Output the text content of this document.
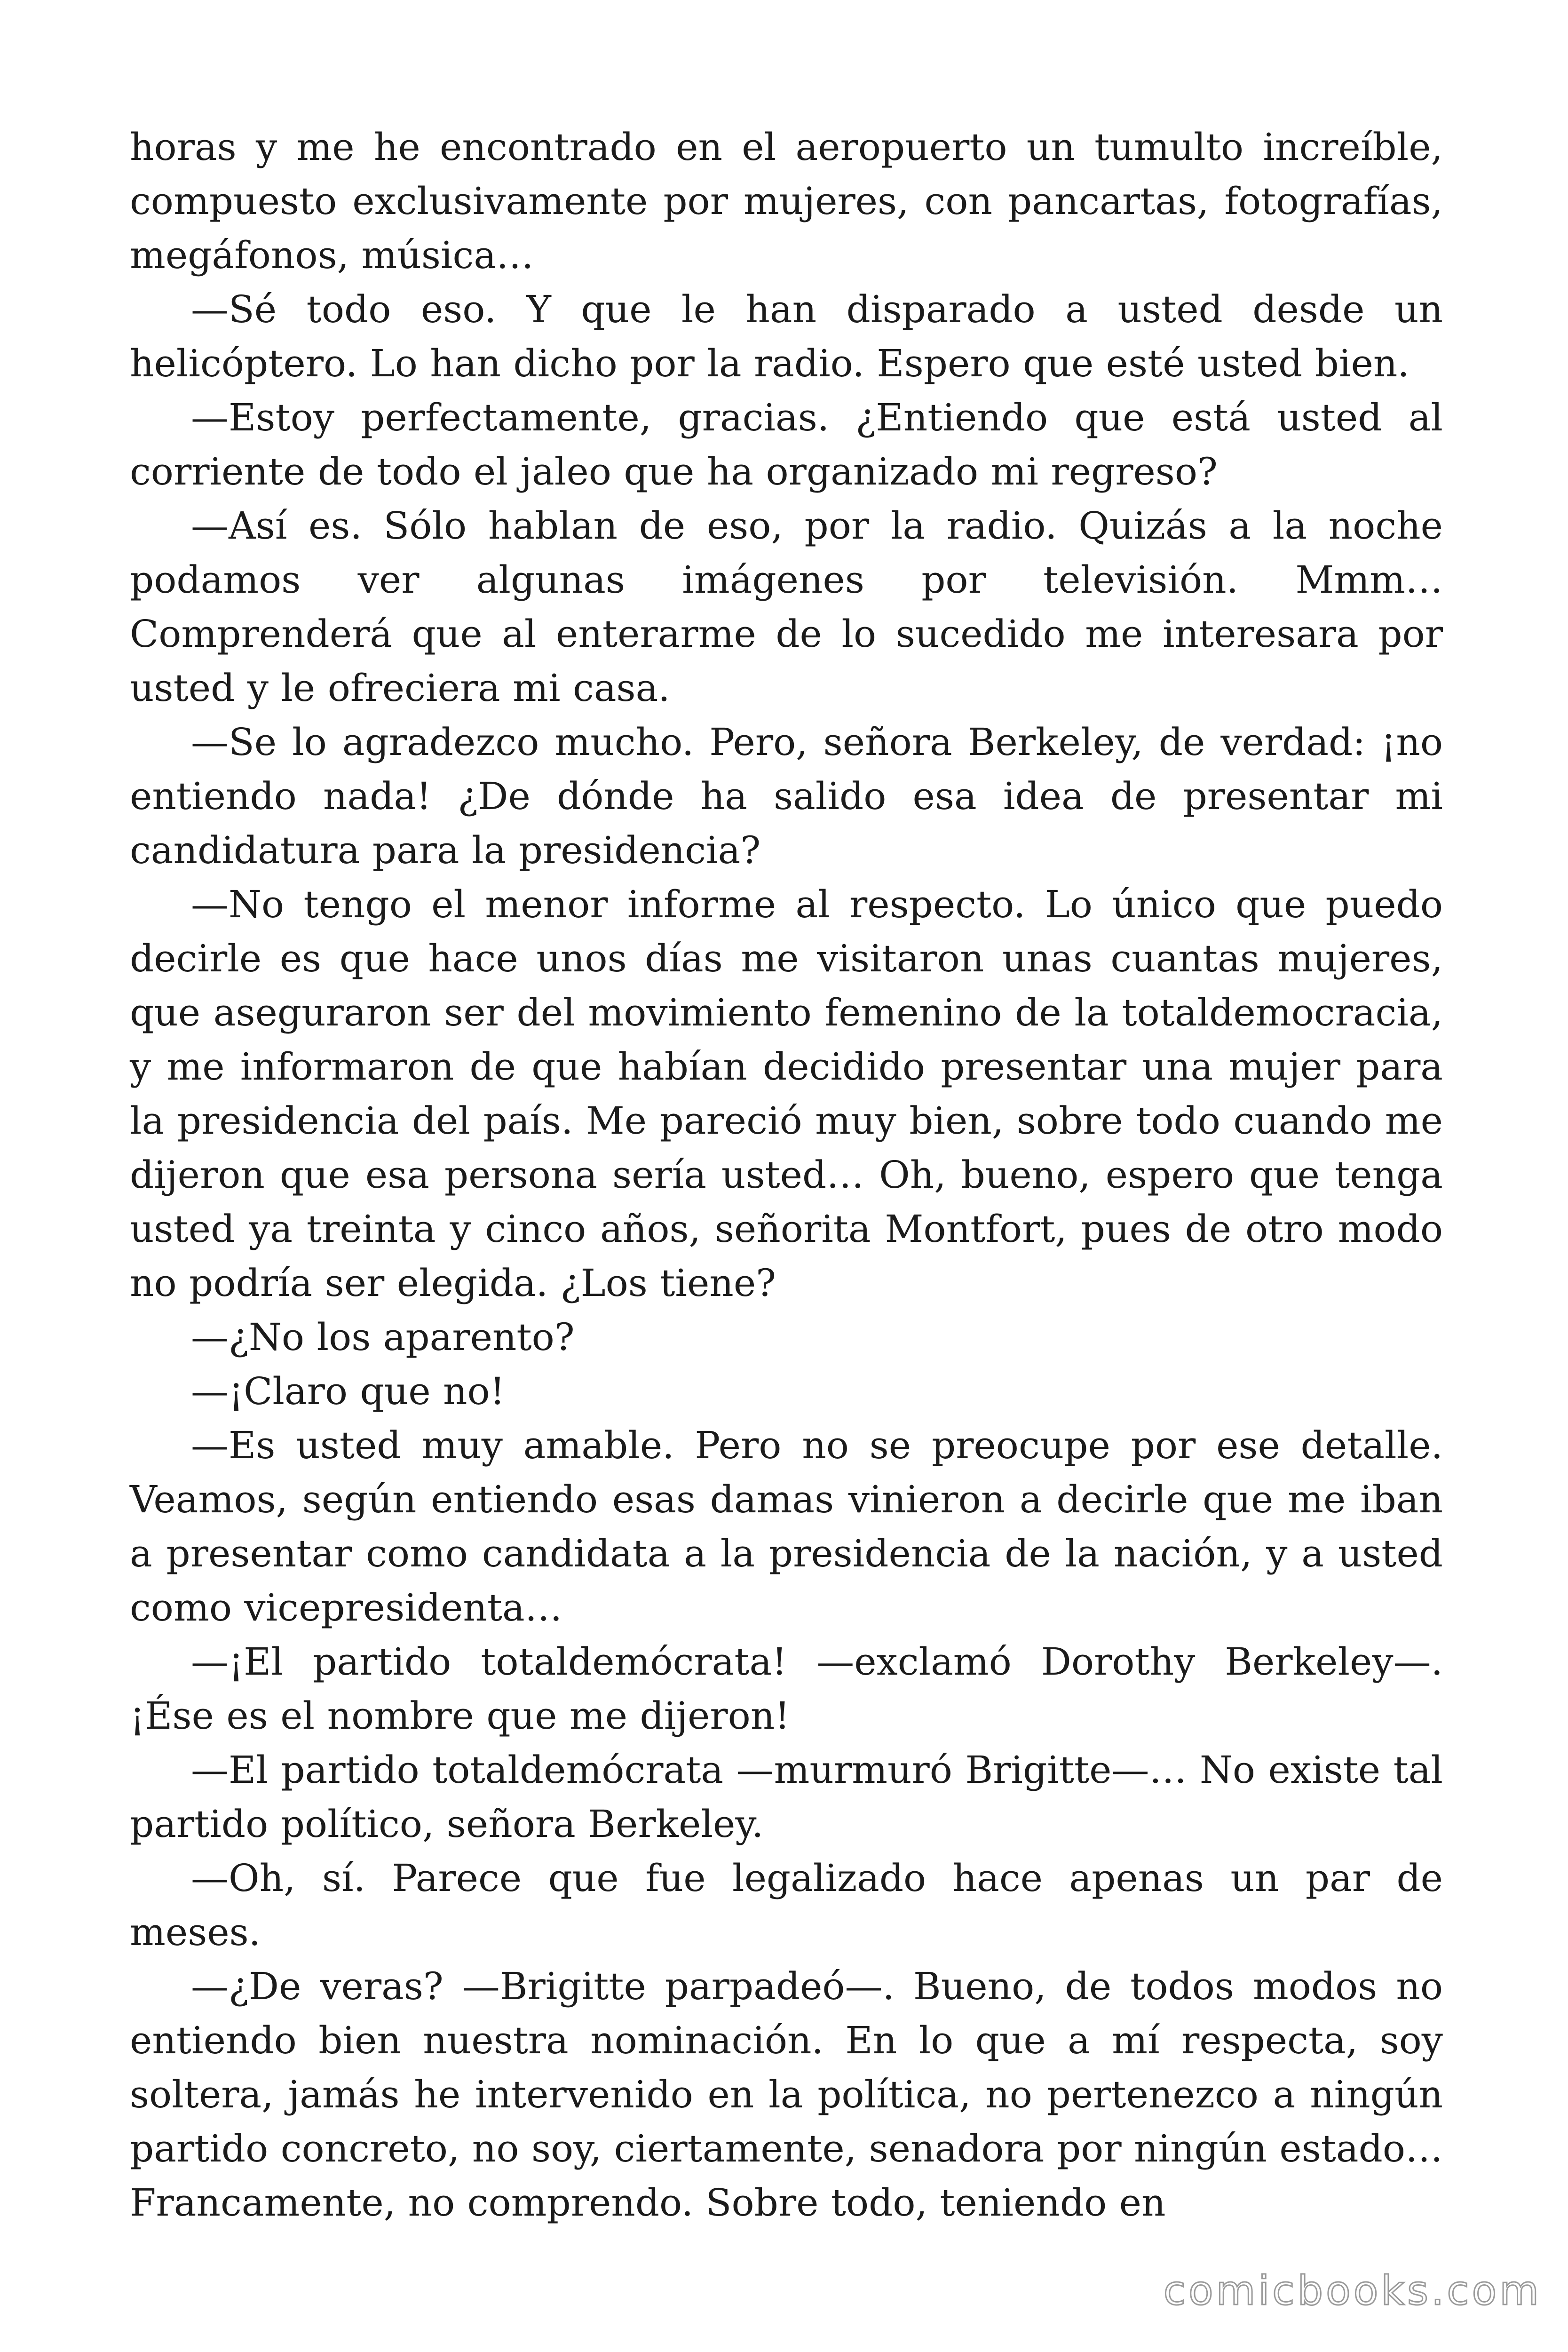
horas y me he encontrado en el aeropuerto un tumulto increíble, compuesto exclusivamente por mujeres, con pancartas, fotografías, megáfonos, música…

—Sé todo eso. Y que le han disparado a usted desde un helicóptero. Lo han dicho por la radio. Espero que esté usted bien.

—Estoy perfectamente, gracias. ¿Entiendo que está usted al corriente de todo el jaleo que ha organizado mi regreso?

—Así es. Sólo hablan de eso, por la radio. Quizás a la noche podamos ver algunas imágenes por televisión. Mmm… Comprenderá que al enterarme de lo sucedido me interesara por usted y le ofreciera mi casa.

—Se lo agradezco mucho. Pero, señora Berkeley, de verdad: ¡no entiendo nada! ¿De dónde ha salido esa idea de presentar mi candidatura para la presidencia?

—No tengo el menor informe al respecto. Lo único que puedo decirle es que hace unos días me visitaron unas cuantas mujeres, que aseguraron ser del movimiento femenino de la totaldemocracia, y me informaron de que habían decidido presentar una mujer para la presidencia del país. Me pareció muy bien, sobre todo cuando me dijeron que esa persona sería usted… Oh, bueno, espero que tenga usted ya treinta y cinco años, señorita Montfort, pues de otro modo no podría ser elegida. ¿Los tiene?

—¿No los aparento?

—¡Claro que no!

—Es usted muy amable. Pero no se preocupe por ese detalle. Veamos, según entiendo esas damas vinieron a decirle que me iban a presentar como candidata a la presidencia de la nación, y a usted como vicepresidenta…

—¡El partido totaldemócrata! —exclamó Dorothy Berkeley—. ¡Ése es el nombre que me dijeron!

—El partido totaldemócrata —murmuró Brigitte—… No existe tal partido político, señora Berkeley.

—Oh, sí. Parece que fue legalizado hace apenas un par de meses.

—¿De veras? —Brigitte parpadeó—. Bueno, de todos modos no entiendo bien nuestra nominación. En lo que a mí respecta, soy soltera, jamás he intervenido en la política, no pertenezco a ningún partido concreto, no soy, ciertamente, senadora por ningún estado… Francamente, no comprendo. Sobre todo, teniendo en

comicbooks.com
